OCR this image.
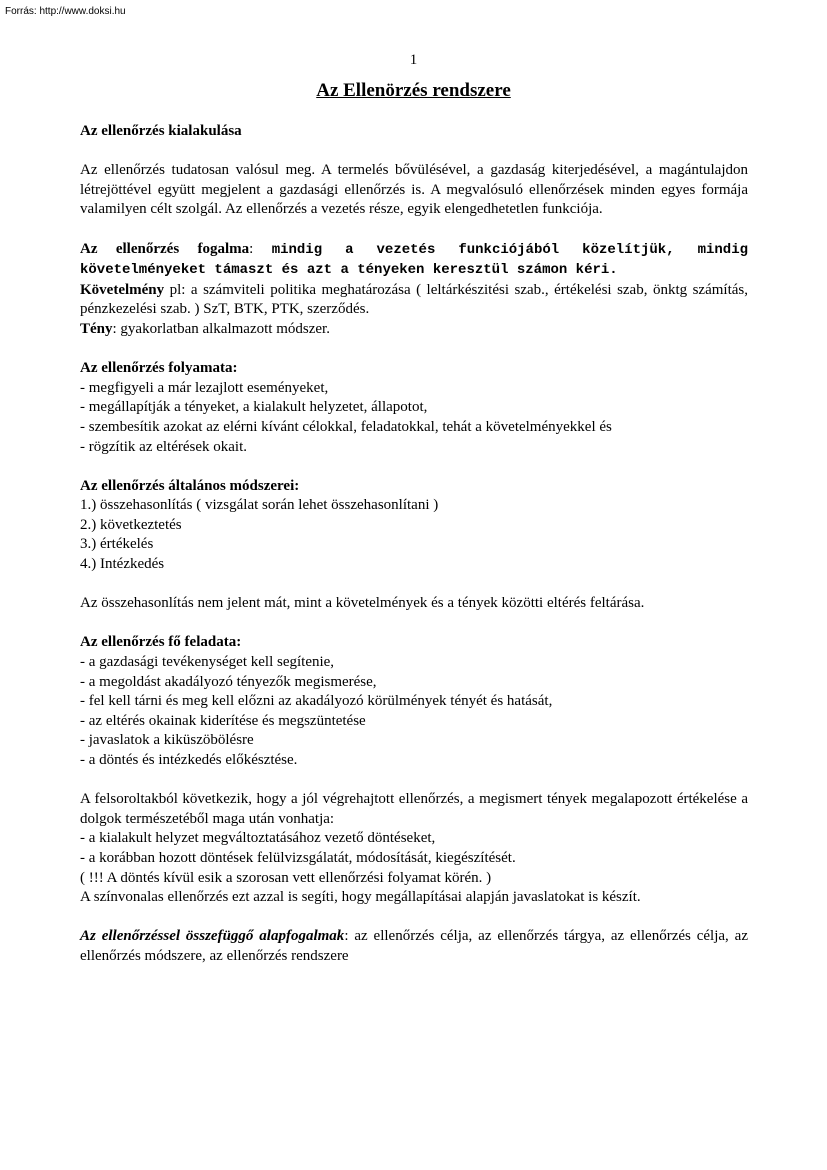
Forrás: http://www.doksi.hu
1
Az Ellenörzés rendszere

Az ellenőrzés kialakulása

Az ellenőrzés tudatosan valósul meg. A termelés bővülésével, a gazdaság kiterjedésével, a magántulajdon létrejöttével együtt megjelent a gazdasági ellenőrzés is. A megvalósuló ellenőrzések minden egyes formája valamilyen célt szolgál. Az ellenőrzés a vezetés része, egyik elengedhetetlen funkciója.

Az ellenőrzés fogalma: mindig a vezetés funkciójából közelítjük, mindig követelményeket támaszt és azt a tényeken keresztül számon kéri.

Követelmény pl: a számviteli politika meghatározása ( leltárkészitési szab., értékelési szab, önktg számítás, pénzkezelési szab. ) SzT, BTK, PTK, szerződés.

Tény: gyakorlatban alkalmazott módszer.

Az ellenőrzés folyamata:

- megfigyeli a már lezajlott eseményeket,
- megállapítják a tényeket, a kialakult helyzetet, állapotot,
- szembesítik azokat az elérni kívánt célokkal, feladatokkal, tehát a követelményekkel és
- rögzítik az eltérések okait.

Az ellenőrzés általános módszerei:

1.) összehasonlítás ( vizsgálat során lehet összehasonlítani )
2.) következtetés
3.) értékelés
4.) Intézkedés

Az összehasonlítás nem jelent mát, mint a követelmények és a tények közötti eltérés feltárása.

Az ellenőrzés fő feladata:

- a gazdasági tevékenységet kell segítenie,
- a megoldást akadályozó tényezők megismerése,
- fel kell tárni és meg kell előzni az akadályozó körülmények tényét és hatását,
- az eltérés okainak kiderítése és megszüntetése
- javaslatok a kiküszöbölésre
- a döntés és intézkedés előkésztése.

A felsoroltakból következik, hogy a jól végrehajtott ellenőrzés, a megismert tények megalapozott értékelése a dolgok természetéből maga után vonhatja:

- a kialakult helyzet megváltoztatásához vezető döntéseket,
- a korábban hozott döntések felülvizsgálatát, módosítását, kiegészítését.

( !!! A döntés kívül esik a szorosan vett ellenőrzési folyamat körén. )

A színvonalas ellenőrzés ezt azzal is segíti, hogy megállapításai alapján javaslatokat is készít.

Az ellenőrzéssel összefüggő alapfogalmak: az ellenőrzés célja, az ellenőrzés tárgya, az ellenőrzés célja, az ellenőrzés módszere, az ellenőrzés rendszere
